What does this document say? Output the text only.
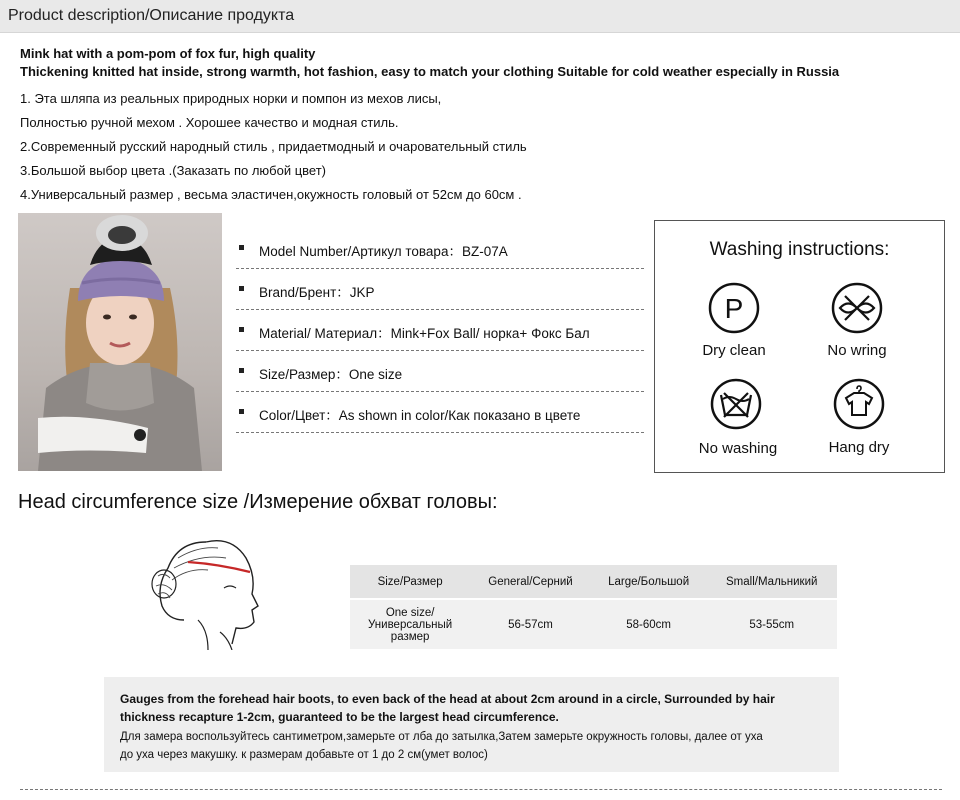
Product description/Описание продукта
Mink hat with a pom-pom of fox fur, high quality
Thickening knitted hat inside, strong warmth, hot fashion, easy to match your clothing Suitable for cold weather especially in Russia
1. Эта шляпа из реальных природных норки и помпон из мехов лисы,
Полностью ручной мехом . Хорошее качество и модная стиль.
2.Современный русский народный стиль , придаетмодный и очаровательный стиль
3.Большой выбор цвета .(Заказать по любой цвет)
4.Универсальный размер , весьма эластичен,окужность головый от 52см до 60см .
Model Number/Артикул товара：BZ-07A
Brand/Брент：JKP
Material/ Материал：Mink+Fox Ball/ норка+ Фокс Бал
Size/Размер：One size
Color/Цвет：As shown in color/Как показано в цвете
Washing instructions:
P
Dry clean	No wring
No washing	Hang dry
Head circumference size /Измерение обхват головы:
Size/Размер	General/Серний	Large/Большой	Small/Мальникий

One size/
Универсальный
размер	56-57cm	58-60cm	53-55cm
Gauges from the forehead hair boots, to even back of the head at about 2cm around in a circle, Surrounded by hair thickness recapture 1-2cm, guaranteed to be the largest head circumference.
Для замера воспользуйтесь сантиметром,замерьте от лба до затылка,Затем замерьте окружность головы, далее от уха
до уха через макушку. к размерам добавьте от 1 до 2 см(умет волос)
